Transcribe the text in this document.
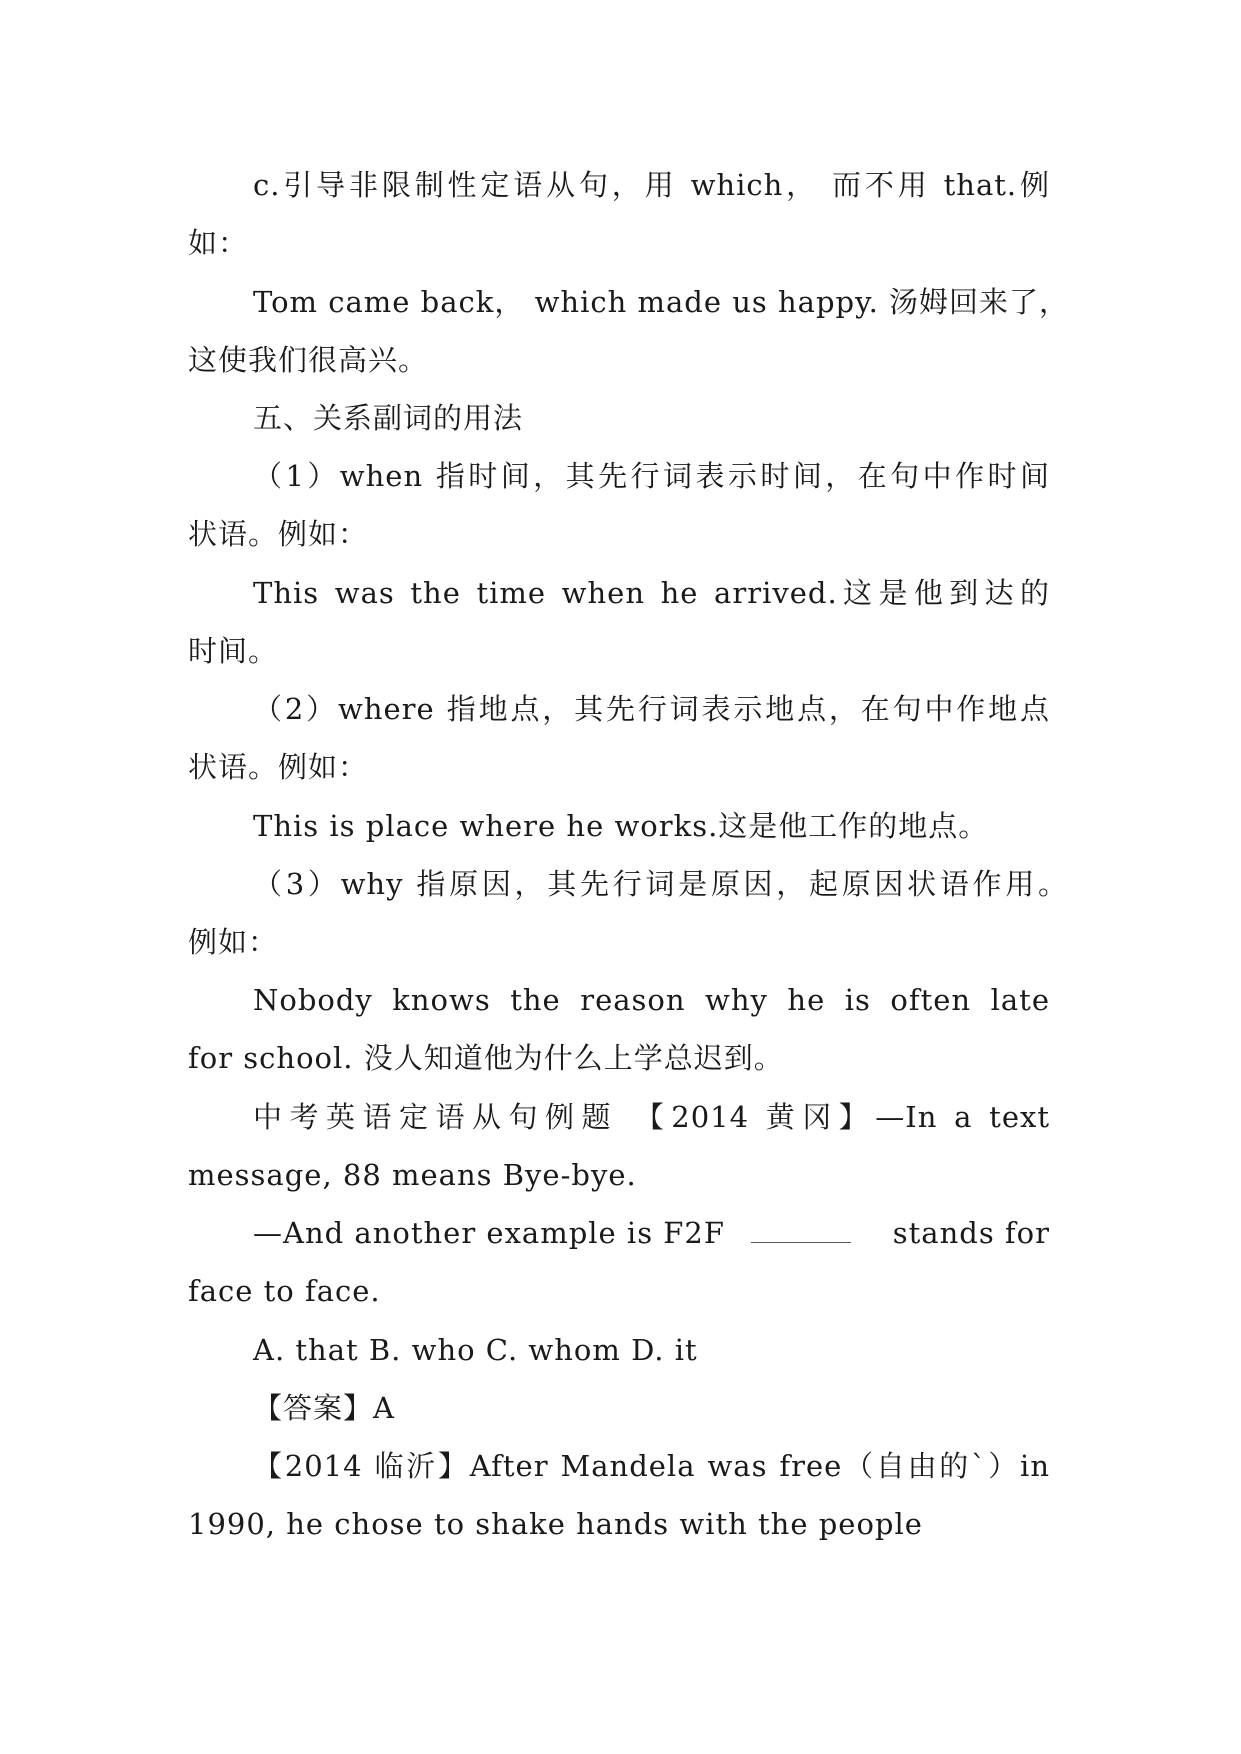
c.引导非限制性定语从句，用 which， 而不用 that.例
如：
Tom came back， which made us happy. 汤姆回来了，
这使我们很高兴。
五、关系副词的用法
（1）when 指时间，其先行词表示时间，在句中作时间
状语。例如：
This was the time when he arrived.这是他到达的
时间。
（2）where 指地点，其先行词表示地点，在句中作地点
状语。例如：
This is place where he works.这是他工作的地点。
（3）why 指原因，其先行词是原因，起原因状语作用。
例如：
Nobody knows the reason why he is often late
for school. 没人知道他为什么上学总迟到。
中考英语定语从句例题 【2014 黄冈】—In a text
message, 88 means Bye-bye.
—And another example is F2F	stands for
face to face.
A. that B. who C. whom D. it
【答案】A
【2014 临沂】After Mandela was free（自由的`）in
1990, he chose to shake hands with the people
